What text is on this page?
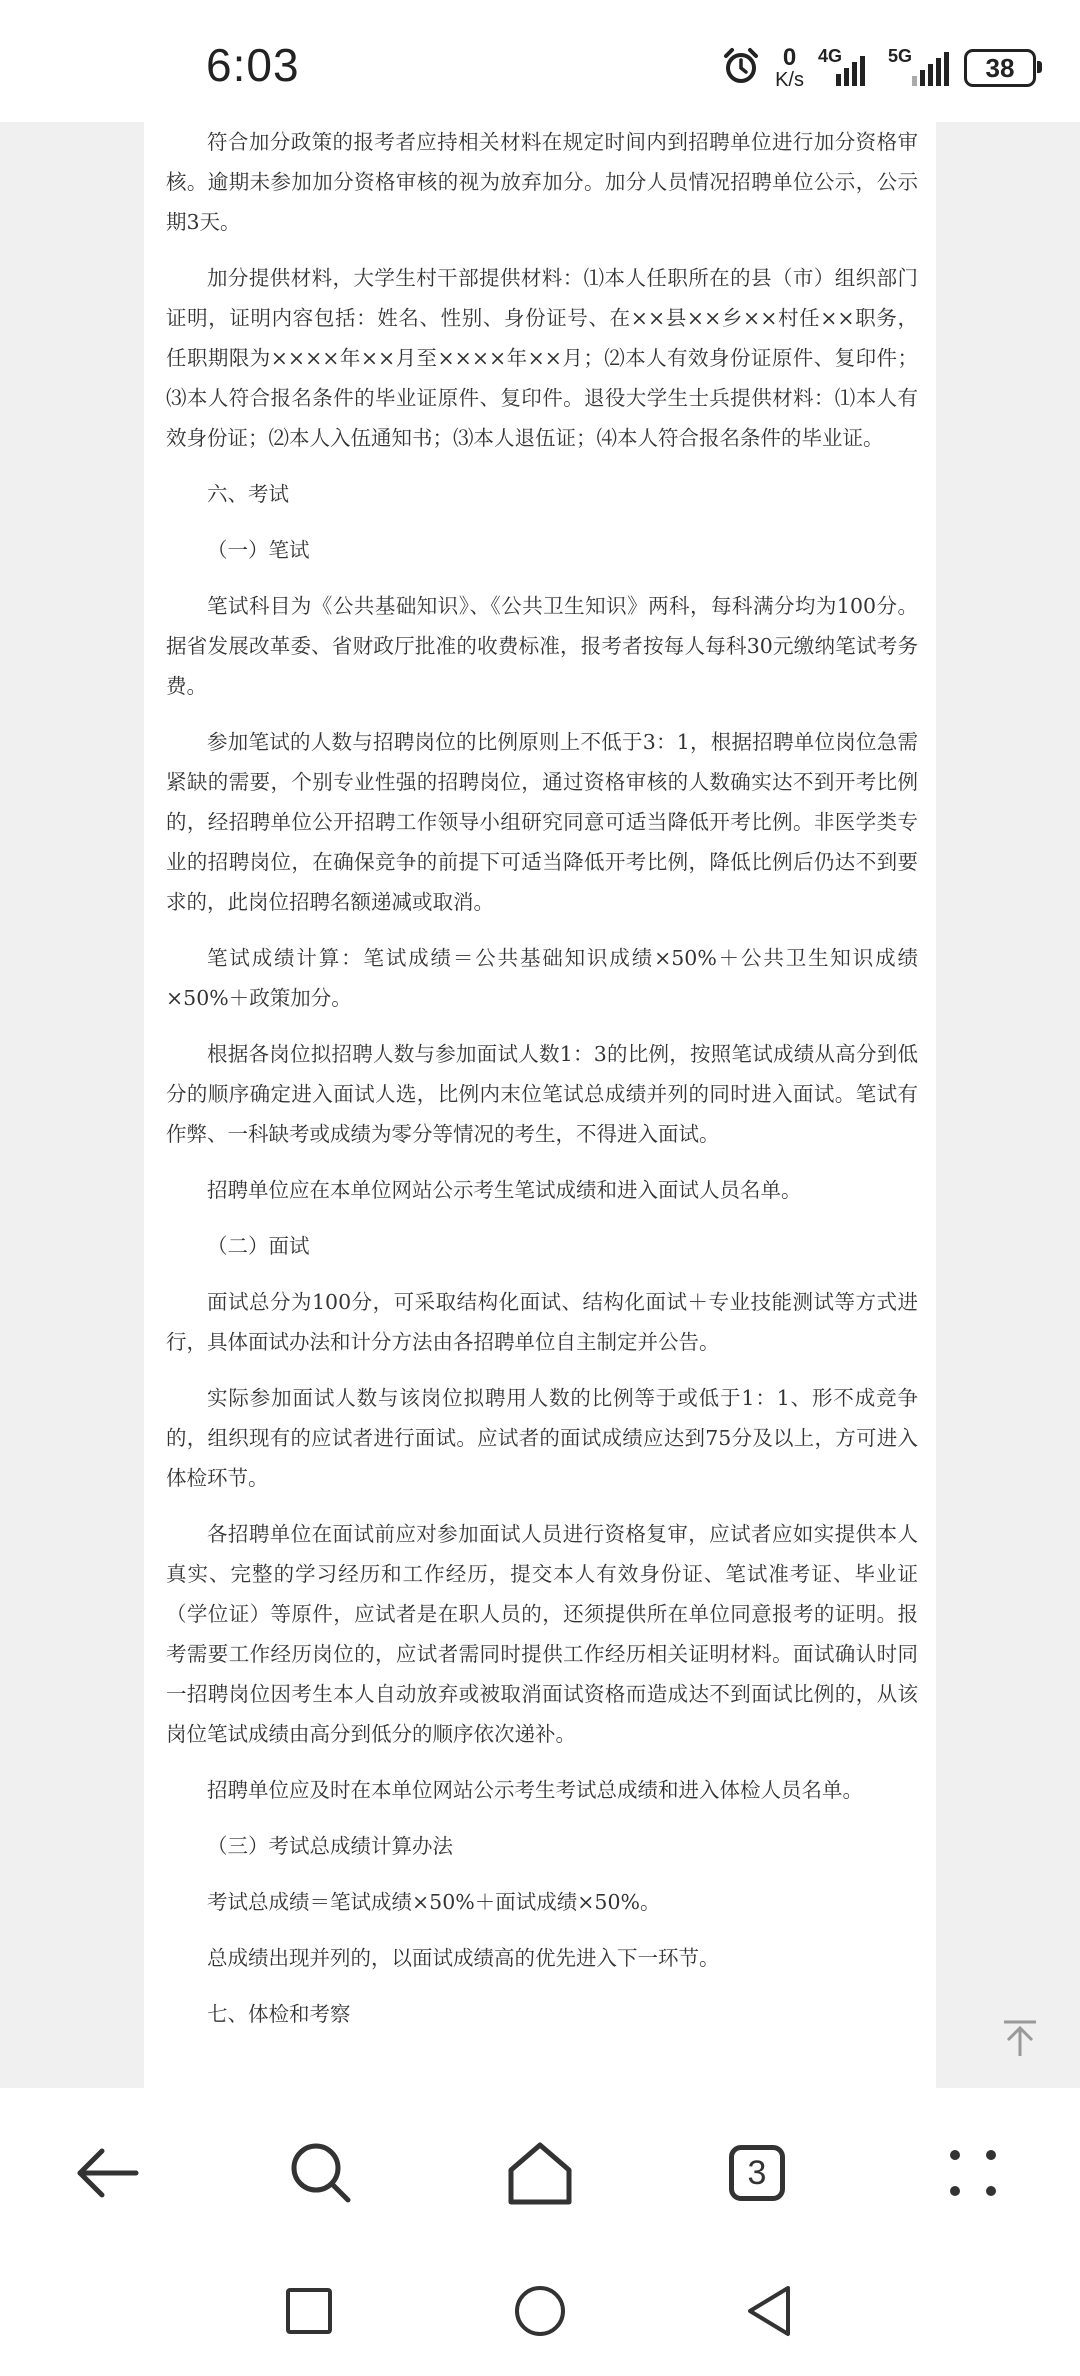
6:03	0
K/s
4G	5G	38

符合加分政策的报考者应持相关材料在规定时间内到招聘单位进行加分资格审核。逾期未参加加分资格审核的视为放弃加分。加分人员情况招聘单位公示，公示期3天。

加分提供材料，大学生村干部提供材料：⑴本人任职所在的县（市）组织部门证明，证明内容包括：姓名、性别、身份证号、在××县××乡××村任××职务，任职期限为××××年××月至××××年××月；⑵本人有效身份证原件、复印件；⑶本人符合报名条件的毕业证原件、复印件。退役大学生士兵提供材料：⑴本人有效身份证；⑵本人入伍通知书；⑶本人退伍证；⑷本人符合报名条件的毕业证。

六、考试

（一）笔试

笔试科目为《公共基础知识》、《公共卫生知识》两科，每科满分均为100分。据省发展改革委、省财政厅批准的收费标准，报考者按每人每科30元缴纳笔试考务费。

参加笔试的人数与招聘岗位的比例原则上不低于3：1，根据招聘单位岗位急需紧缺的需要，个别专业性强的招聘岗位，通过资格审核的人数确实达不到开考比例的，经招聘单位公开招聘工作领导小组研究同意可适当降低开考比例。非医学类专业的招聘岗位，在确保竞争的前提下可适当降低开考比例，降低比例后仍达不到要求的，此岗位招聘名额递减或取消。

笔试成绩计算：笔试成绩＝公共基础知识成绩×50%＋公共卫生知识成绩×50%＋政策加分。

根据各岗位拟招聘人数与参加面试人数1：3的比例，按照笔试成绩从高分到低分的顺序确定进入面试人选，比例内末位笔试总成绩并列的同时进入面试。笔试有作弊、一科缺考或成绩为零分等情况的考生，不得进入面试。

招聘单位应在本单位网站公示考生笔试成绩和进入面试人员名单。

（二）面试

面试总分为100分，可采取结构化面试、结构化面试＋专业技能测试等方式进行，具体面试办法和计分方法由各招聘单位自主制定并公告。

实际参加面试人数与该岗位拟聘用人数的比例等于或低于1：1、形不成竞争的，组织现有的应试者进行面试。应试者的面试成绩应达到75分及以上，方可进入体检环节。

各招聘单位在面试前应对参加面试人员进行资格复审，应试者应如实提供本人真实、完整的学习经历和工作经历，提交本人有效身份证、笔试准考证、毕业证（学位证）等原件，应试者是在职人员的，还须提供所在单位同意报考的证明。报考需要工作经历岗位的，应试者需同时提供工作经历相关证明材料。面试确认时同一招聘岗位因考生本人自动放弃或被取消面试资格而造成达不到面试比例的，从该岗位笔试成绩由高分到低分的顺序依次递补。

招聘单位应及时在本单位网站公示考生考试总成绩和进入体检人员名单。

（三）考试总成绩计算办法

考试总成绩＝笔试成绩×50%＋面试成绩×50%。

总成绩出现并列的，以面试成绩高的优先进入下一环节。

七、体检和考察

3
